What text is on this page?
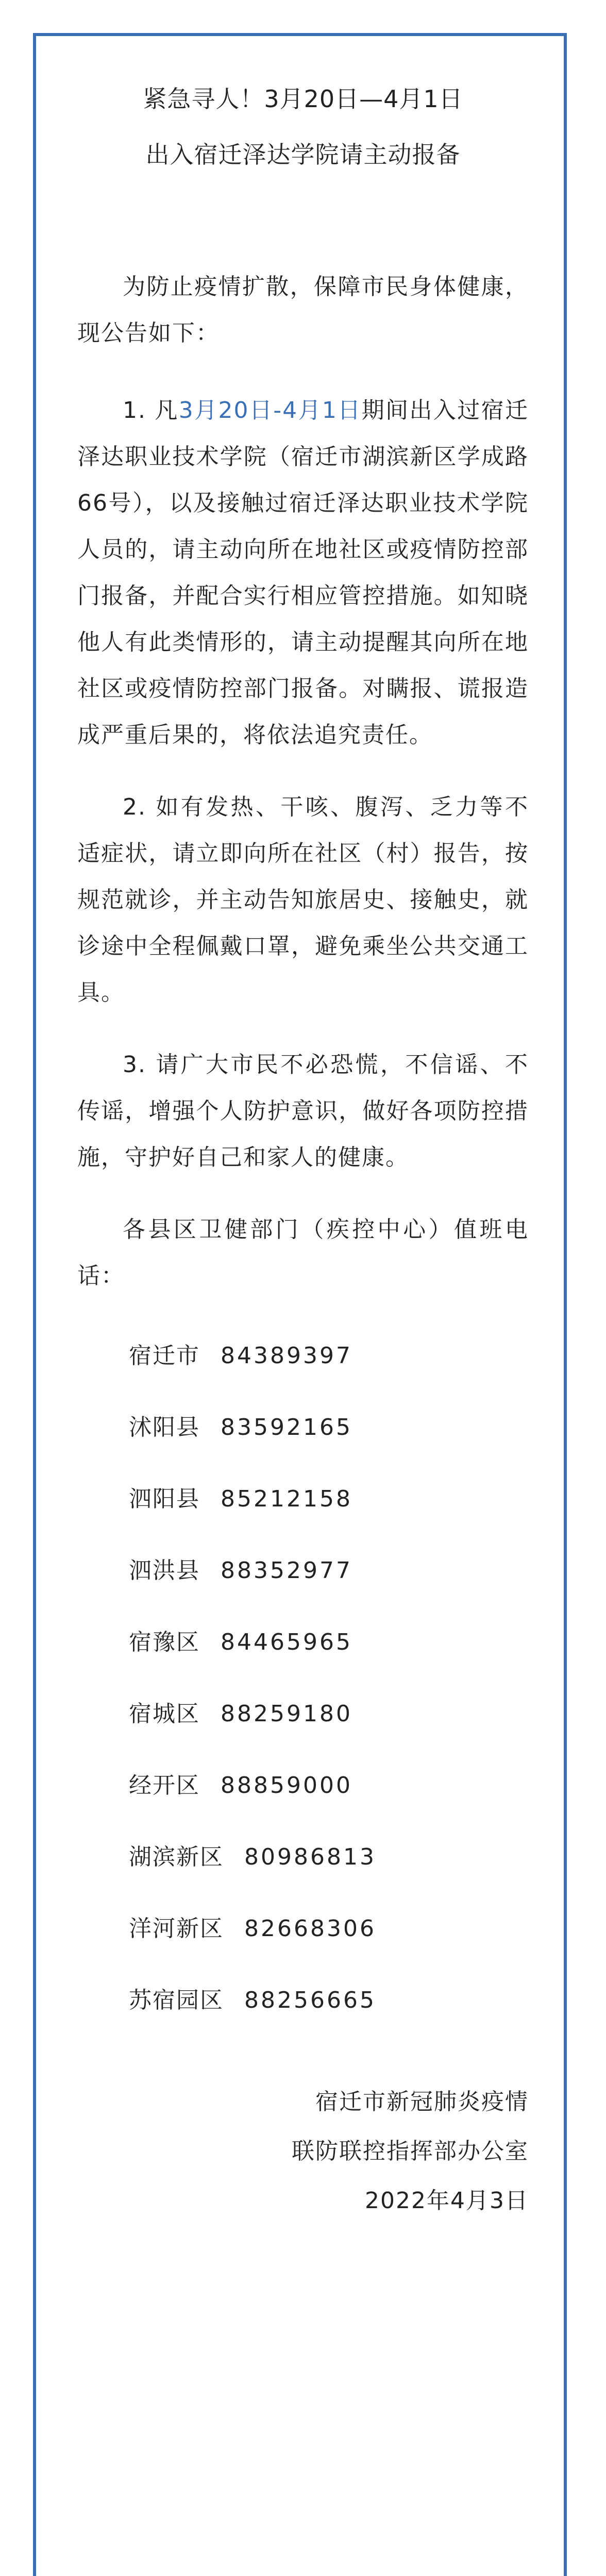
紧急寻人！3月20日—4月1日
出入宿迁泽达学院请主动报备
为防止疫情扩散，保障市民身体健康，现公告如下：
1. 凡3月20日-4月1日期间出入过宿迁泽达职业技术学院（宿迁市湖滨新区学成路66号），以及接触过宿迁泽达职业技术学院人员的，请主动向所在地社区或疫情防控部门报备，并配合实行相应管控措施。如知晓他人有此类情形的，请主动提醒其向所在地社区或疫情防控部门报备。对瞒报、谎报造成严重后果的，将依法追究责任。
2. 如有发热、干咳、腹泻、乏力等不适症状，请立即向所在社区（村）报告，按规范就诊，并主动告知旅居史、接触史，就诊途中全程佩戴口罩，避免乘坐公共交通工具。
3. 请广大市民不必恐慌，不信谣、不传谣，增强个人防护意识，做好各项防控措施，守护好自己和家人的健康。
各县区卫健部门（疾控中心）值班电话：
宿迁市 84389397
沭阳县 83592165
泗阳县 85212158
泗洪县 88352977
宿豫区 84465965
宿城区 88259180
经开区 88859000
湖滨新区 80986813
洋河新区 82668306
苏宿园区 88256665
宿迁市新冠肺炎疫情
联防联控指挥部办公室
2022年4月3日
